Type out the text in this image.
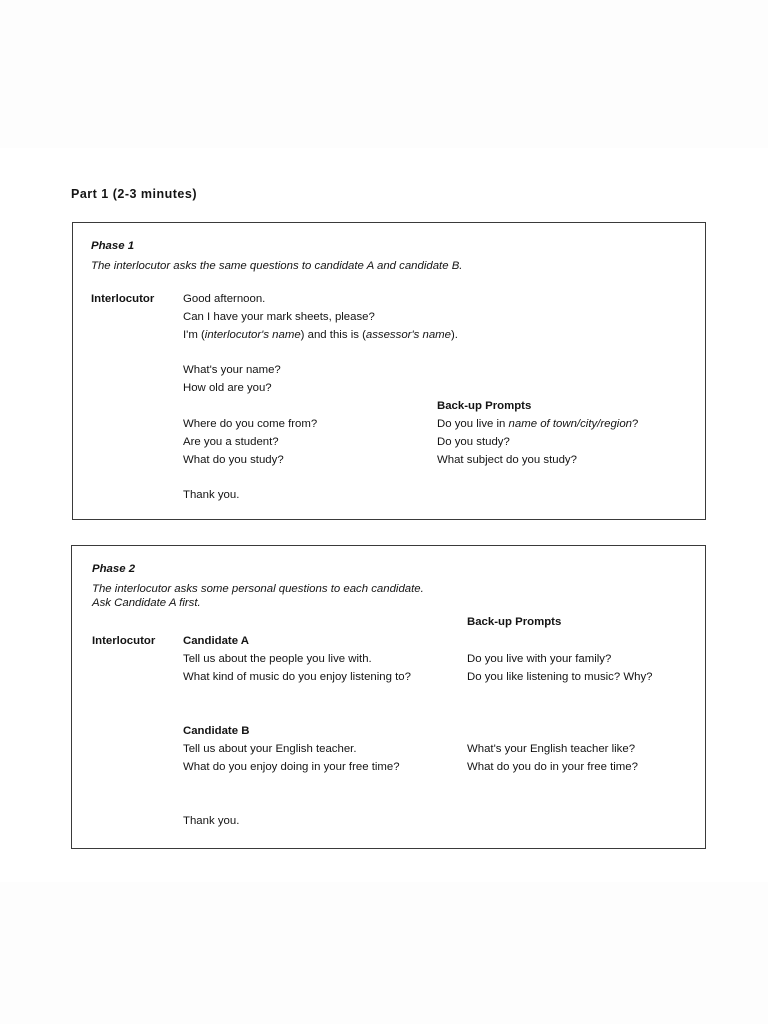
Part 1 (2-3 minutes)
Phase 1
The interlocutor asks the same questions to candidate A and candidate B.
Interlocutor	Good afternoon.
Can I have your mark sheets, please?
I'm (interlocutor's name) and this is (assessor's name).
What's your name?
How old are you?
Back-up Prompts
Where do you come from?
Are you a student?
What do you study?
Do you live in name of town/city/region?
Do you study?
What subject do you study?
Thank you.
Phase 2
The interlocutor asks some personal questions to each candidate.
Ask Candidate A first.
Back-up Prompts
Interlocutor Candidate A
Tell us about the people you live with.
What kind of music do you enjoy listening to?
Do you live with your family?
Do you like listening to music? Why?
Candidate B
Tell us about your English teacher.
What do you enjoy doing in your free time?
What's your English teacher like?
What do you do in your free time?
Thank you.
